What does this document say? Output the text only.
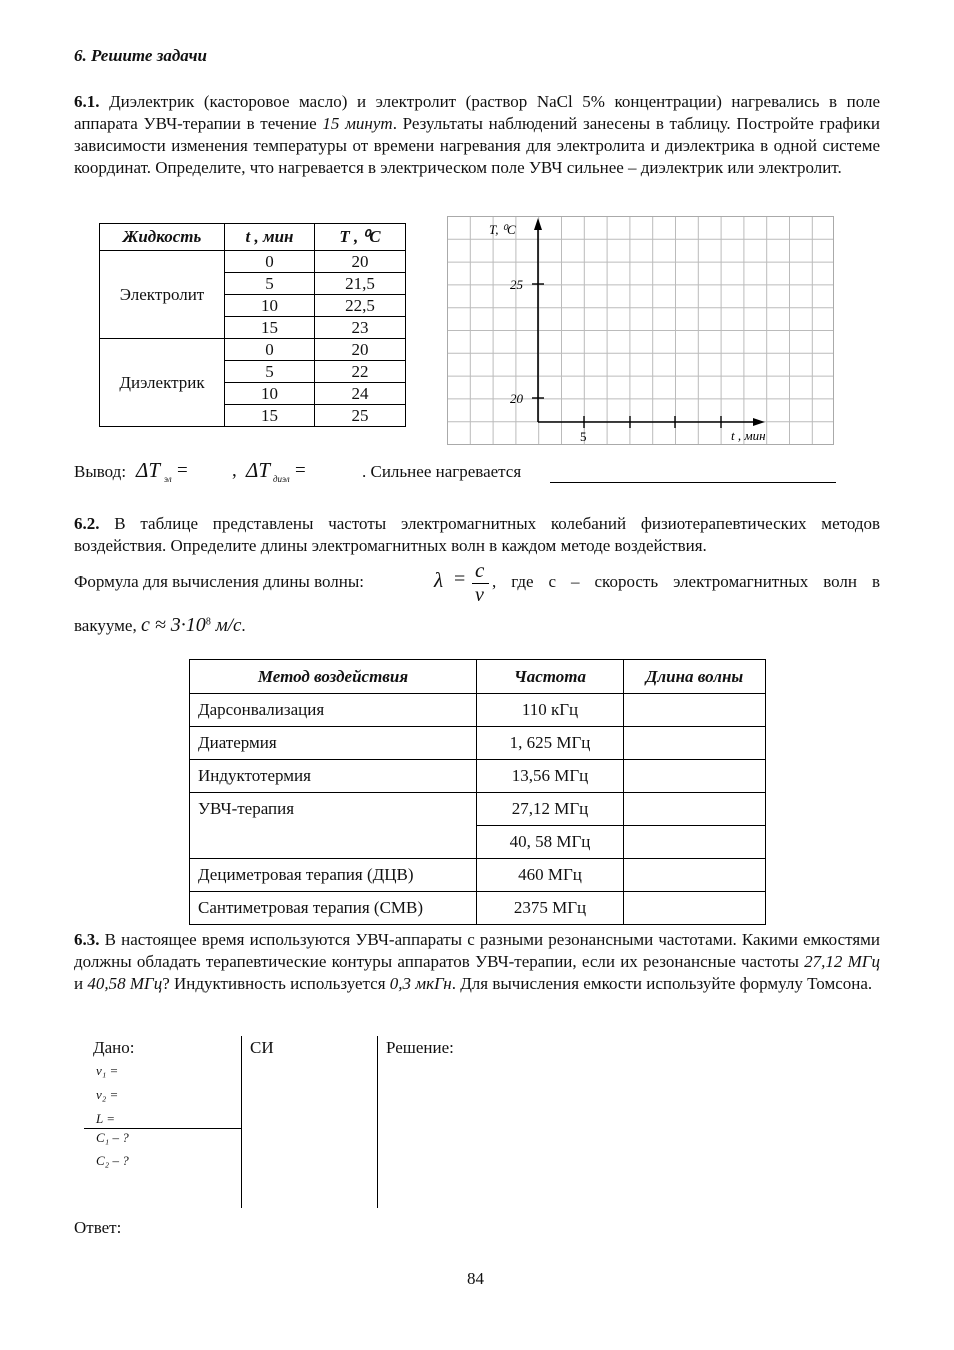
6. Решите задачи
6.1. Диэлектрик (касторовое масло) и электролит (раствор NaCl 5% концентрации) нагревались в поле аппарата УВЧ-терапии в течение 15 минут. Результаты наблюдений занесены в таблицу. Постройте графики зависимости изменения температуры от времени нагревания для электролита и диэлектрика в одной системе координат. Определите, что нагревается в электрическом поле УВЧ сильнее – диэлектрик или электролит.
Жидкость	t , мин	T , ⁰C
Электролит	0	20
	5	21,5
	10	22,5
	15	23
Диэлектрик	0	20
	5	22
	10	24
	15	25
T, ⁰C
25
20
5	t , мин
Вывод: ΔT эл = , ΔT диэл =	. Сильнее нагревается
6.2. В таблице представлены частоты электромагнитных колебаний физиотерапевтических методов воздействия. Определите длины электромагнитных волн в каждом методе воздействия.
Формула для вычисления длины волны:	λ = c
ν
, где c – скорость электромагнитных волн в
вакууме, $c \approx 3\cdot 10^8$ м/с.
Метод воздействия	Частота	Длина волны
Дарсонвализация	110 кГц	
Диатермия	1, 625 МГц	
Индуктотермия	13,56 МГц	
УВЧ-терапия	27,12 МГц	
	40, 58 МГц	
Дециметровая терапия (ДЦВ)	460 МГц	
Сантиметровая терапия (СМВ)	2375 МГц	
6.3. В настоящее время используются УВЧ-аппараты с разными резонансными частотами. Какими емкостями должны обладать терапевтические контуры аппаратов УВЧ-терапии, если их резонансные частоты 27,12 МГц и 40,58 МГц? Индуктивность используется 0,3 мкГн. Для вычисления емкости используйте формулу Томсона.
Дано:	СИ	Решение:
ν₁ =
ν₂ =
L =
C₁ – ?
C₂ – ?
Ответ:
84
